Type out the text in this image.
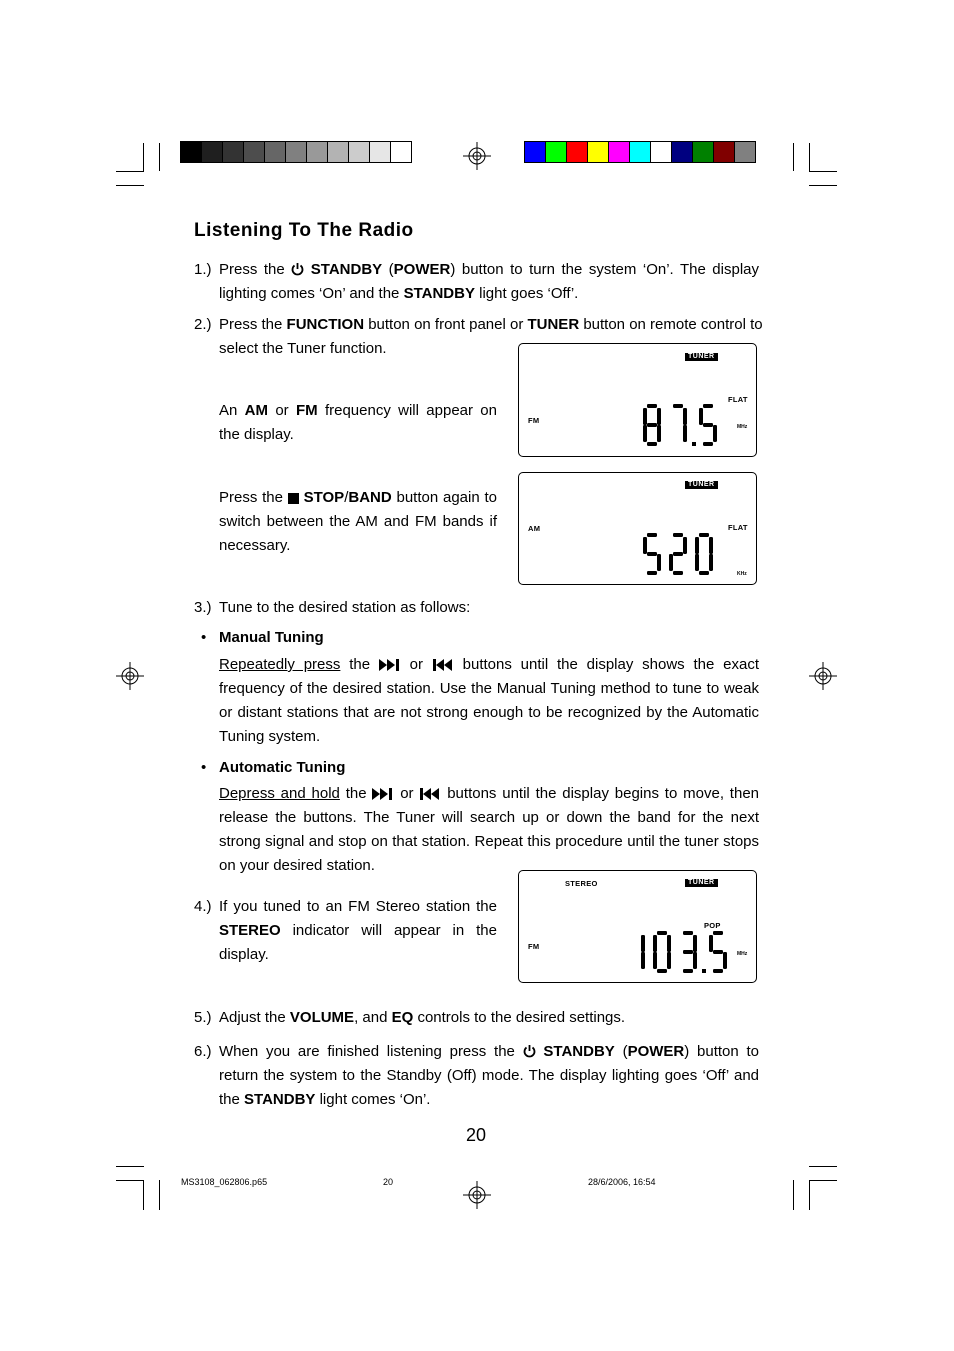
Listening To The Radio
1.) Press the  STANDBY (POWER) button to turn the system ‘On’. The display lighting comes ‘On’ and the STANDBY light goes ‘Off’.
2.) Press the FUNCTION button on front panel or TUNER button on remote control to select the Tuner function.
An AM or FM frequency will appear on the display.
Press the  STOP/BAND button again to switch between the AM and FM bands if necessary.
TUNER
FLAT
FM
MHz
TUNER
FLAT
AM
KHz
3.) Tune to the desired station as follows:
• Manual Tuning
Repeatedly press the  or  buttons until the display shows the exact frequency of the desired station. Use the Manual Tuning method to tune to weak or distant stations that are not strong enough to be recognized by the Automatic Tuning system.
• Automatic Tuning
Depress and hold the  or  buttons until the display begins to move, then release the buttons. The Tuner will search up or down the band for the next strong signal and stop on that station. Repeat this procedure until the tuner stops on your desired station.
4.) If you tuned to an FM Stereo station the STEREO indicator will appear in the display.
STEREO	TUNER
POP
FM
MHz
5.) Adjust the VOLUME, and EQ controls to the desired settings.
6.) When you are finished listening press the  STANDBY (POWER) button to return the system to the Standby (Off) mode. The display lighting goes ‘Off’ and the STANDBY light comes ‘On’.
20
MS3108_062806.p65	20	28/6/2006, 16:54
